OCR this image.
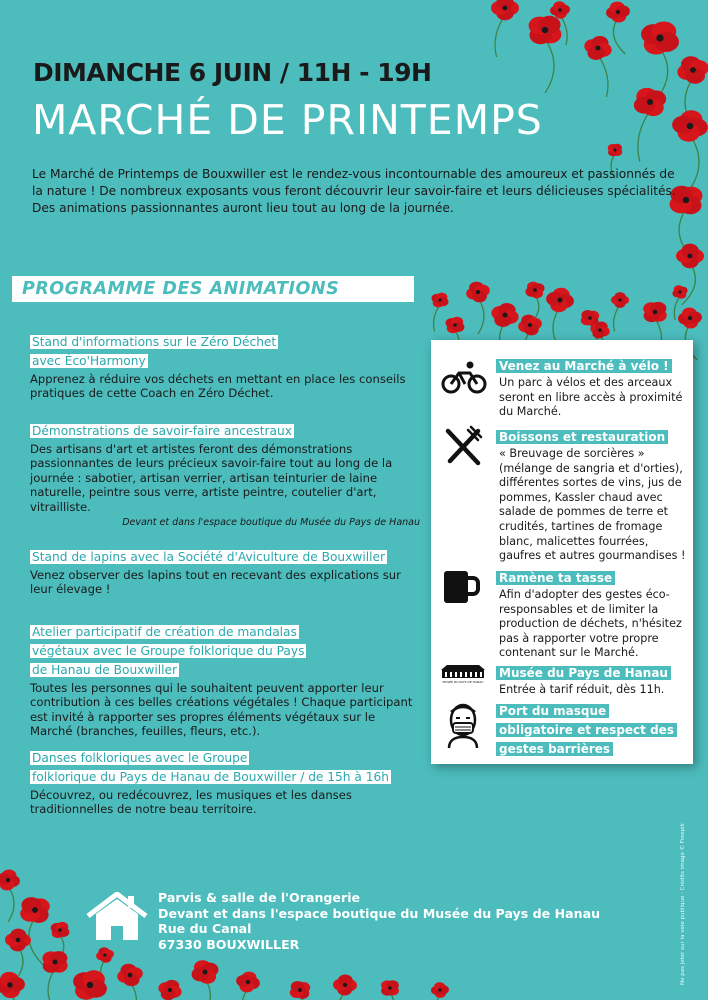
DIMANCHE 6 JUIN / 11H - 19H
MARCHÉ DE PRINTEMPS
Le Marché de Printemps de Bouxwiller est le rendez-vous incontournable des amoureux et passionnés de la nature ! De nombreux exposants vous feront découvrir leur savoir-faire et leurs délicieuses spécialités. Des animations passionnantes auront lieu tout au long de la journée.
PROGRAMME DES ANIMATIONS
Stand d'informations sur le Zéro Déchet
avec Éco'Harmony

Apprenez à réduire vos déchets en mettant en place les conseils pratiques de cette Coach en Zéro Déchet.

Démonstrations de savoir-faire ancestraux

Des artisans d'art et artistes feront des démonstrations passionnantes de leurs précieux savoir-faire tout au long de la journée : sabotier, artisan verrier, artisan teinturier de laine naturelle, peintre sous verre, artiste peintre, coutelier d'art, vitrailliste.

Devant et dans l'espace boutique du Musée du Pays de Hanau

Stand de lapins avec la Société d'Aviculture de Bouxwiller

Venez observer des lapins tout en recevant des explications sur leur élevage !

Atelier participatif de création de mandalas
végétaux avec le Groupe folklorique du Pays
de Hanau de Bouxwiller

Toutes les personnes qui le souhaitent peuvent apporter leur contribution à ces belles créations végétales ! Chaque participant est invité à rapporter ses propres éléments végétaux sur le Marché (branches, feuilles, fleurs, etc.).

Danses folkloriques avec le Groupe
folklorique du Pays de Hanau de Bouxwiller / de 15h à 16h

Découvrez, ou redécouvrez, les musiques et les danses traditionnelles de notre beau territoire.

Venez au Marché à vélo !

Un parc à vélos et des arceaux seront en libre accès à proximité du Marché.

Boissons et restauration

« Breuvage de sorcières » (mélange de sangria et d'orties), différentes sortes de vins, jus de pommes, Kassler chaud avec salade de pommes de terre et crudités, tartines de fromage blanc, malicettes fourrées, gaufres et autres gourmandises !

Ramène ta tasse

Afin d'adopter des gestes éco-responsables et de limiter la production de déchets, n'hésitez pas à rapporter votre propre contenant sur le Marché.

MUSÉE DU PAYS DE HANAU
Musée du Pays de Hanau

Entrée à tarif réduit, dès 11h.

Port du masque
obligatoire et respect des
gestes barrières
Parvis & salle de l'Orangerie
Devant et dans l'espace boutique du Musée du Pays de Hanau
Rue du Canal
67330 BOUXWILLER	Ne pas jeter sur la voie publique · Crédits image © Freepik
